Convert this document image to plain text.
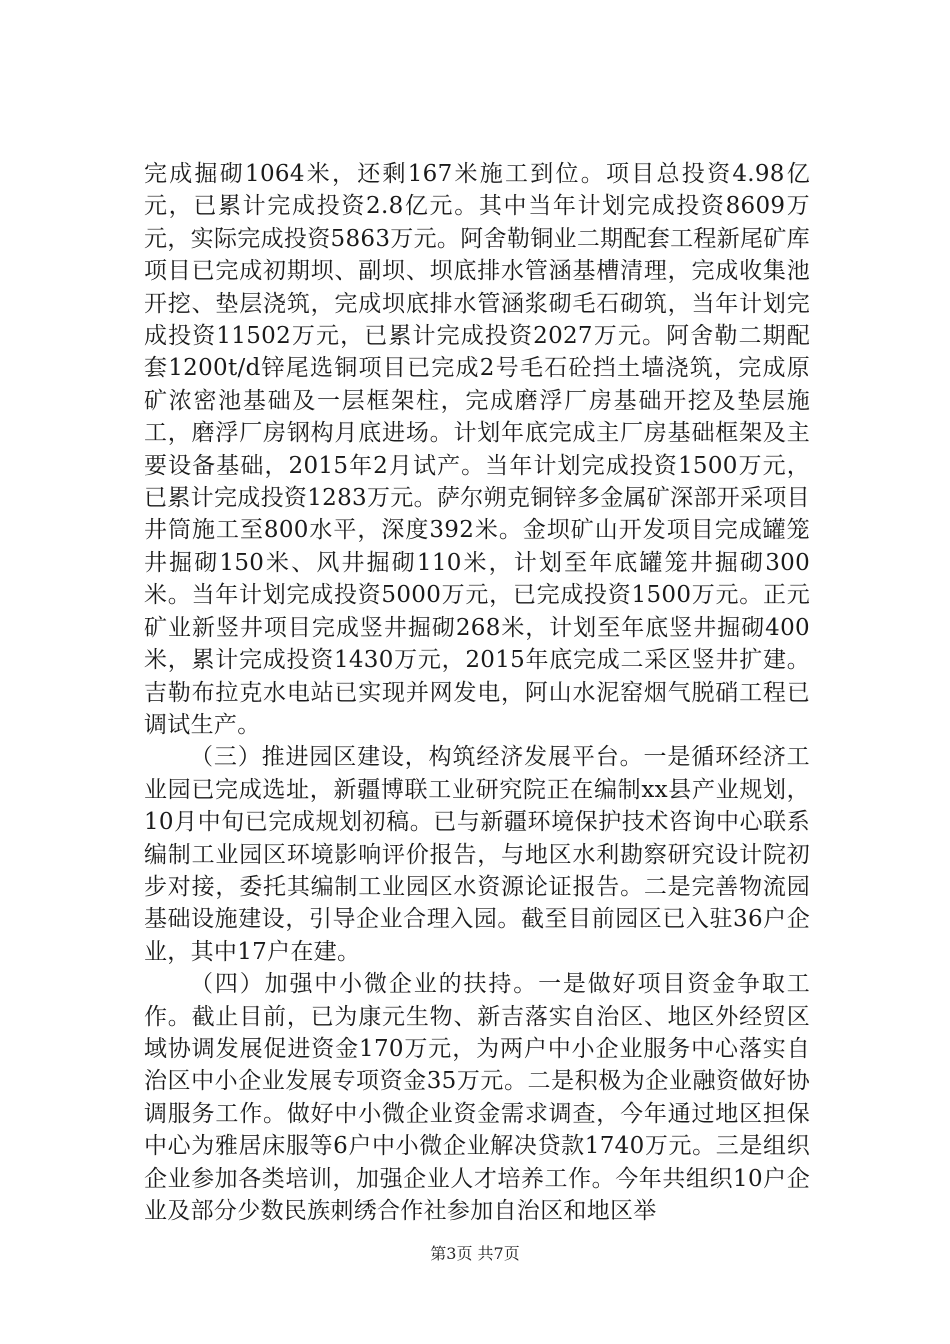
完成掘砌1064米，还剩167米施工到位。项目总投资4.98亿元，已累计完成投资2.8亿元。其中当年计划完成投资8609万元，实际完成投资5863万元。阿舍勒铜业二期配套工程新尾矿库项目已完成初期坝、副坝、坝底排水管涵基槽清理，完成收集池开挖、垫层浇筑，完成坝底排水管涵浆砌毛石砌筑，当年计划完成投资11502万元，已累计完成投资2027万元。阿舍勒二期配套1200t/d锌尾选铜项目已完成2号毛石砼挡土墙浇筑，完成原矿浓密池基础及一层框架柱，完成磨浮厂房基础开挖及垫层施工，磨浮厂房钢构月底进场。计划年底完成主厂房基础框架及主要设备基础，2015年2月试产。当年计划完成投资1500万元，已累计完成投资1283万元。萨尔朔克铜锌多金属矿深部开采项目井筒施工至800水平，深度392米。金坝矿山开发项目完成罐笼井掘砌150米、风井掘砌110米，计划至年底罐笼井掘砌300米。当年计划完成投资5000万元，已完成投资1500万元。正元矿业新竖井项目完成竖井掘砌268米，计划至年底竖井掘砌400米，累计完成投资1430万元，2015年底完成二采区竖井扩建。吉勒布拉克水电站已实现并网发电，阿山水泥窑烟气脱硝工程已调试生产。

（三）推进园区建设，构筑经济发展平台。一是循环经济工业园已完成选址，新疆博联工业研究院正在编制xx县产业规划，10月中旬已完成规划初稿。已与新疆环境保护技术咨询中心联系编制工业园区环境影响评价报告，与地区水利勘察研究设计院初步对接，委托其编制工业园区水资源论证报告。二是完善物流园基础设施建设，引导企业合理入园。截至目前园区已入驻36户企业，其中17户在建。

（四）加强中小微企业的扶持。一是做好项目资金争取工作。截止目前，已为康元生物、新吉落实自治区、地区外经贸区域协调发展促进资金170万元，为两户中小企业服务中心落实自治区中小企业发展专项资金35万元。二是积极为企业融资做好协调服务工作。做好中小微企业资金需求调查，今年通过地区担保中心为雅居床服等6户中小微企业解决贷款1740万元。三是组织企业参加各类培训，加强企业人才培养工作。今年共组织10户企业及部分少数民族刺绣合作社参加自治区和地区举

第3页 共7页
